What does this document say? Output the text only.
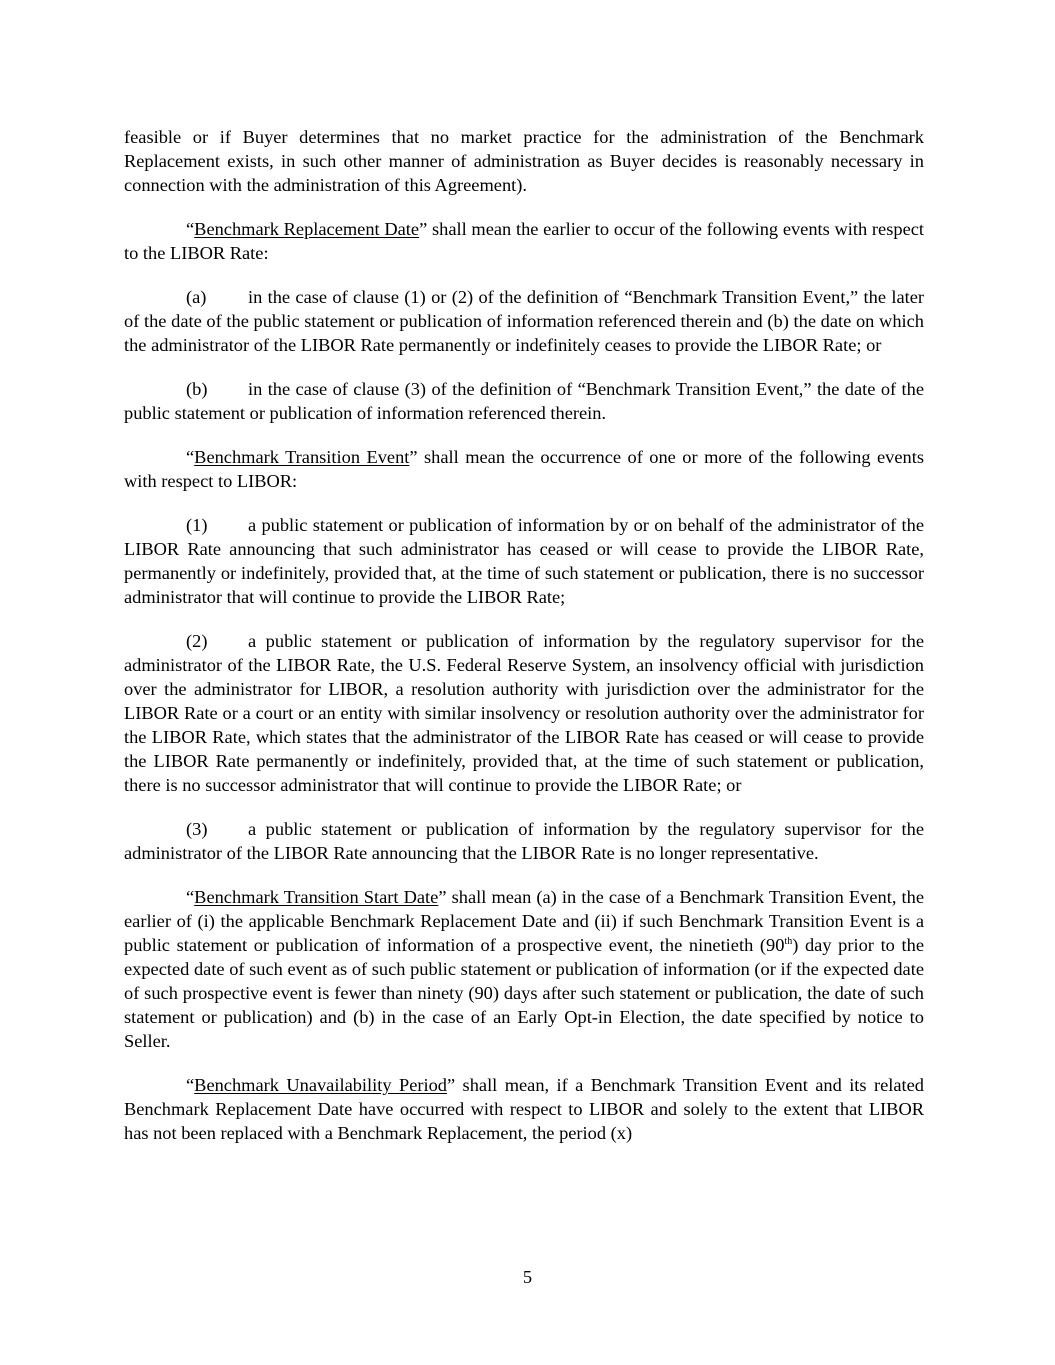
feasible or if Buyer determines that no market practice for the administration of the Benchmark Replacement exists, in such other manner of administration as Buyer decides is reasonably necessary in connection with the administration of this Agreement).

“Benchmark Replacement Date” shall mean the earlier to occur of the following events with respect to the LIBOR Rate:

(a) in the case of clause (1) or (2) of the definition of “Benchmark Transition Event,” the later of the date of the public statement or publication of information referenced therein and (b) the date on which the administrator of the LIBOR Rate permanently or indefinitely ceases to provide the LIBOR Rate; or

(b) in the case of clause (3) of the definition of “Benchmark Transition Event,” the date of the public statement or publication of information referenced therein.

“Benchmark Transition Event” shall mean the occurrence of one or more of the following events with respect to LIBOR:

(1) a public statement or publication of information by or on behalf of the administrator of the LIBOR Rate announcing that such administrator has ceased or will cease to provide the LIBOR Rate, permanently or indefinitely, provided that, at the time of such statement or publication, there is no successor administrator that will continue to provide the LIBOR Rate;

(2) a public statement or publication of information by the regulatory supervisor for the administrator of the LIBOR Rate, the U.S. Federal Reserve System, an insolvency official with jurisdiction over the administrator for LIBOR, a resolution authority with jurisdiction over the administrator for the LIBOR Rate or a court or an entity with similar insolvency or resolution authority over the administrator for the LIBOR Rate, which states that the administrator of the LIBOR Rate has ceased or will cease to provide the LIBOR Rate permanently or indefinitely, provided that, at the time of such statement or publication, there is no successor administrator that will continue to provide the LIBOR Rate; or

(3) a public statement or publication of information by the regulatory supervisor for the administrator of the LIBOR Rate announcing that the LIBOR Rate is no longer representative.

“Benchmark Transition Start Date” shall mean (a) in the case of a Benchmark Transition Event, the earlier of (i) the applicable Benchmark Replacement Date and (ii) if such Benchmark Transition Event is a public statement or publication of information of a prospective event, the ninetieth (90th) day prior to the expected date of such event as of such public statement or publication of information (or if the expected date of such prospective event is fewer than ninety (90) days after such statement or publication, the date of such statement or publication) and (b) in the case of an Early Opt-in Election, the date specified by notice to Seller.

“Benchmark Unavailability Period” shall mean, if a Benchmark Transition Event and its related Benchmark Replacement Date have occurred with respect to LIBOR and solely to the extent that LIBOR has not been replaced with a Benchmark Replacement, the period (x)

5
